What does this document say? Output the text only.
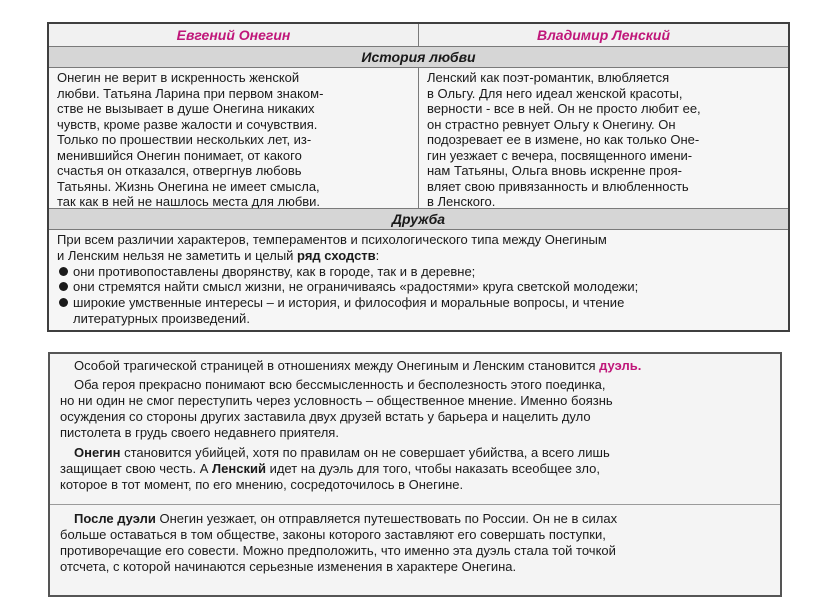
Евгений Онегин	Владимир Ленский
История любви

Онегин не верит в искренность женской
любви. Татьяна Ларина при первом знаком-
стве не вызывает в душе Онегина никаких
чувств, кроме разве жалости и сочувствия.
Только по прошествии нескольких лет, из-
менившийся Онегин понимает, от какого
счастья он отказался, отвергнув любовь
Татьяны. Жизнь Онегина не имеет смысла,
так как в ней не нашлось места для любви.

Ленский как поэт-романтик, влюбляется
в Ольгу. Для него идеал женской красоты,
верности - все в ней. Он не просто любит ее,
он страстно ревнует Ольгу к Онегину. Он
подозревает ее в измене, но как только Оне-
гин уезжает с вечера, посвященного имени-
нам Татьяны, Ольга вновь искренне проя-
вляет свою привязанность и влюбленность
в Ленского.

Дружба

При всем различии характеров, темпераментов и психологического типа между Онегиным
и Ленским нельзя не заметить и целый ряд сходств:

они противопоставлены дворянству, как в городе, так и в деревне;
они стремятся найти смысл жизни, не ограничиваясь «радостями» круга светской молодежи;
широкие умственные интересы – и история, и философия и моральные вопросы, и чтение
литературных произведений.

Особой трагической страницей в отношениях между Онегиным и Ленским становится дуэль.

Оба героя прекрасно понимают всю бессмысленность и бесполезность этого поединка,
но ни один не смог переступить через условность – общественное мнение. Именно боязнь
осуждения со стороны других заставила двух друзей встать у барьера и нацелить дуло
пистолета в грудь своего недавнего приятеля.

Онегин становится убийцей, хотя по правилам он не совершает убийства, а всего лишь
защищает свою честь. А Ленский идет на дуэль для того, чтобы наказать всеобщее зло,
которое в тот момент, по его мнению, сосредоточилось в Онегине.

После дуэли Онегин уезжает, он отправляется путешествовать по России. Он не в силах
больше оставаться в том обществе, законы которого заставляют его совершать поступки,
противоречащие его совести. Можно предположить, что именно эта дуэль стала той точкой
отсчета, с которой начинаются серьезные изменения в характере Онегина.
